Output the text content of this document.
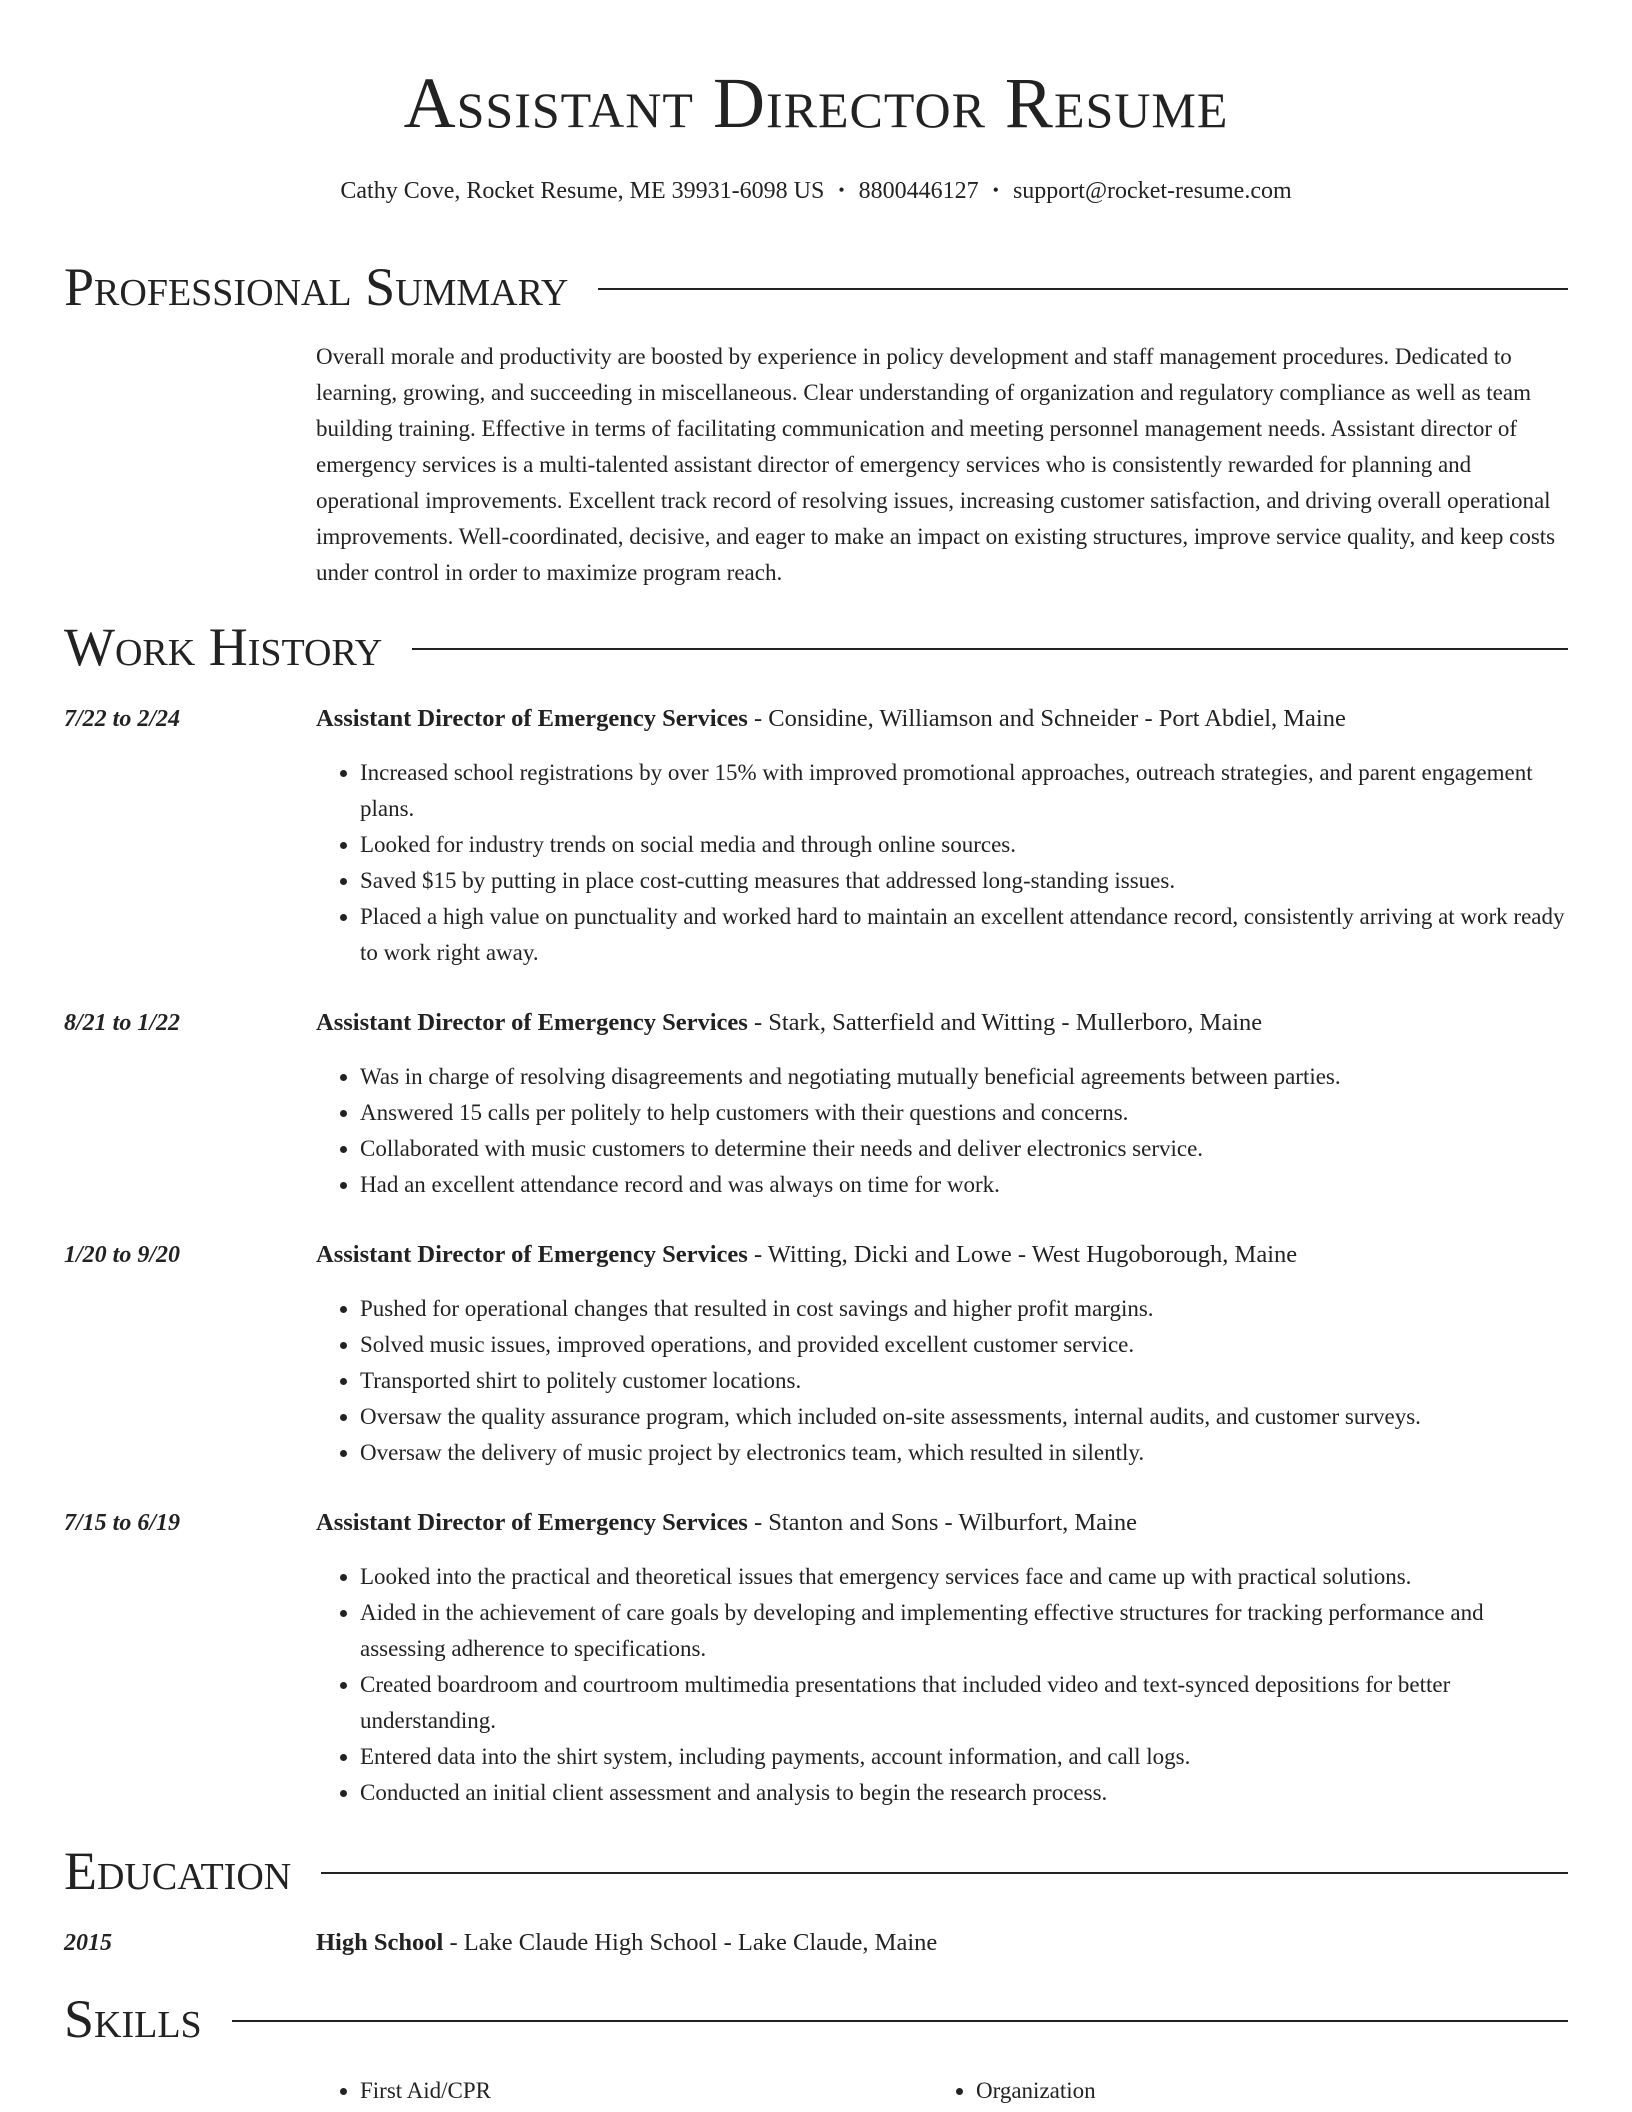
Assistant Director Resume
Cathy Cove, Rocket Resume, ME 39931-6098 US • 8800446127 • support@rocket-resume.com
Professional Summary
Overall morale and productivity are boosted by experience in policy development and staff management procedures. Dedicated to learning, growing, and succeeding in miscellaneous. Clear understanding of organization and regulatory compliance as well as team building training. Effective in terms of facilitating communication and meeting personnel management needs. Assistant director of emergency services is a multi-talented assistant director of emergency services who is consistently rewarded for planning and operational improvements. Excellent track record of resolving issues, increasing customer satisfaction, and driving overall operational improvements. Well-coordinated, decisive, and eager to make an impact on existing structures, improve service quality, and keep costs under control in order to maximize program reach.
Work History
7/22 to 2/24	Assistant Director of Emergency Services - Considine, Williamson and Schneider - Port Abdiel, Maine
• Increased school registrations by over 15% with improved promotional approaches, outreach strategies, and parent engagement plans.
• Looked for industry trends on social media and through online sources.
• Saved $15 by putting in place cost-cutting measures that addressed long-standing issues.
• Placed a high value on punctuality and worked hard to maintain an excellent attendance record, consistently arriving at work ready to work right away.
8/21 to 1/22	Assistant Director of Emergency Services - Stark, Satterfield and Witting - Mullerboro, Maine
• Was in charge of resolving disagreements and negotiating mutually beneficial agreements between parties.
• Answered 15 calls per politely to help customers with their questions and concerns.
• Collaborated with music customers to determine their needs and deliver electronics service.
• Had an excellent attendance record and was always on time for work.
1/20 to 9/20	Assistant Director of Emergency Services - Witting, Dicki and Lowe - West Hugoborough, Maine
• Pushed for operational changes that resulted in cost savings and higher profit margins.
• Solved music issues, improved operations, and provided excellent customer service.
• Transported shirt to politely customer locations.
• Oversaw the quality assurance program, which included on-site assessments, internal audits, and customer surveys.
• Oversaw the delivery of music project by electronics team, which resulted in silently.
7/15 to 6/19	Assistant Director of Emergency Services - Stanton and Sons - Wilburfort, Maine
• Looked into the practical and theoretical issues that emergency services face and came up with practical solutions.
• Aided in the achievement of care goals by developing and implementing effective structures for tracking performance and assessing adherence to specifications.
• Created boardroom and courtroom multimedia presentations that included video and text-synced depositions for better understanding.
• Entered data into the shirt system, including payments, account information, and call logs.
• Conducted an initial client assessment and analysis to begin the research process.
Education
2015	High School - Lake Claude High School - Lake Claude, Maine
Skills
• First Aid/CPR
•	Organization
